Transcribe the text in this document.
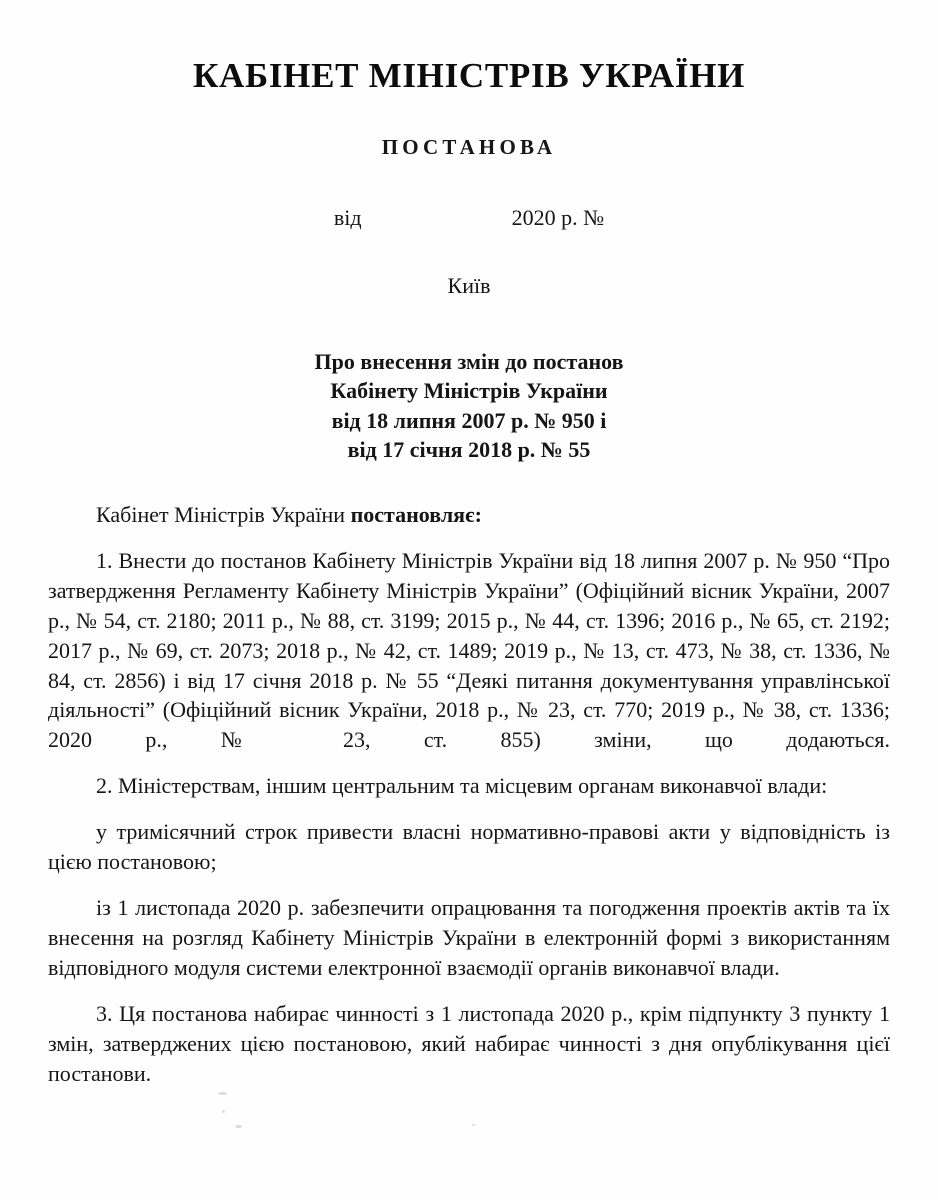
КАБІНЕТ МІНІСТРІВ УКРАЇНИ
ПОСТАНОВА

від	2020 р. №

Київ

Про внесення змін до постанов
Кабінету Міністрів України
від 18 липня 2007 р. № 950 і
від 17 січня 2018 р. № 55

Кабінет Міністрів України постановляє:

1. Внести до постанов Кабінету Міністрів України від 18 липня 2007 р. № 950 “Про затвердження Регламенту Кабінету Міністрів України” (Офіційний вісник України, 2007 р., № 54, ст. 2180; 2011 р., № 88, ст. 3199; 2015 р., № 44, ст. 1396; 2016 р., № 65, ст. 2192; 2017 р., № 69, ст. 2073; 2018 р., № 42, ст. 1489; 2019 р., № 13, ст. 473, № 38, ст. 1336, № 84, ст. 2856) і від 17 січня 2018 р. № 55 “Деякі питання документування управлінської діяльності” (Офіційний вісник України, 2018 р., № 23, ст. 770; 2019 р., № 38, ст. 1336; 2020 р., № 23, ст. 855) зміни, що додаються.

2. Міністерствам, іншим центральним та місцевим органам виконавчої влади:

у тримісячний строк привести власні нормативно-правові акти у відповідність із цією постановою;

із 1 листопада 2020 р. забезпечити опрацювання та погодження проектів актів та їх внесення на розгляд Кабінету Міністрів України в електронній формі з використанням відповідного модуля системи електронної взаємодії органів виконавчої влади.

3. Ця постанова набирає чинності з 1 листопада 2020 р., крім підпункту 3 пункту 1 змін, затверджених цією постановою, який набирає чинності з дня опублікування цієї постанови.
